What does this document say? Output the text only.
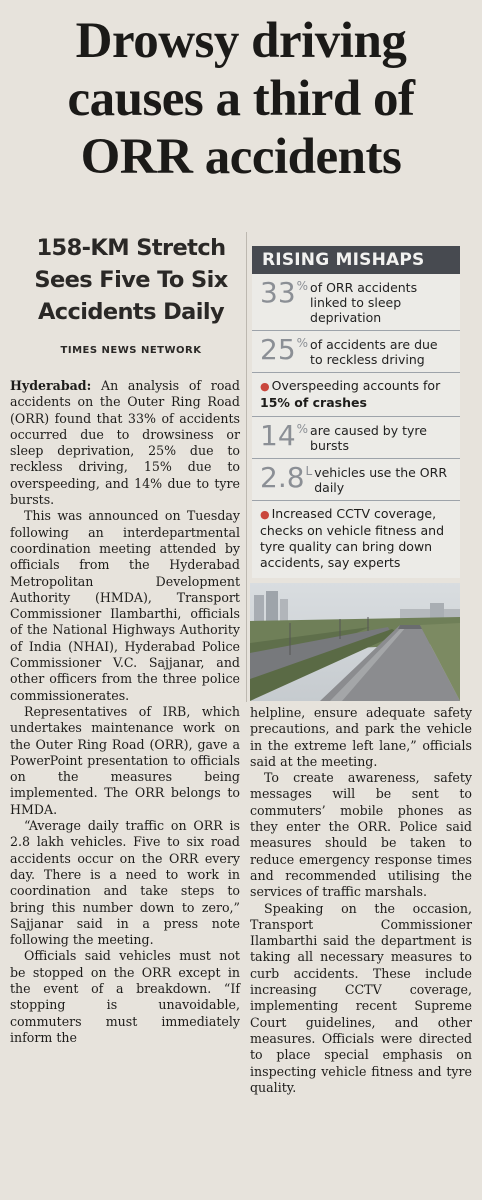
Drowsy driving
causes a third of
ORR accidents
158-KM Stretch
Sees Five To Six
Accidents Daily
TIMES NEWS NETWORK

Hyderabad: An analysis of road accidents on the Outer Ring Road (ORR) found that 33% of accidents occurred due to drowsiness or sleep deprivation, 25% due to reckless driving, 15% due to overspeeding, and 14% due to tyre bursts.

This was announced on Tuesday following an interdepartmental coordination meeting attended by officials from the Hyderabad Metropolitan Development Authority (HMDA), Transport Commissioner Ilambarthi, officials of the National Highways Authority of India (NHAI), Hyderabad Police Commissioner V.C. Sajjanar, and other officers from the three police commissionerates.

Representatives of IRB, which undertakes maintenance work on the Outer Ring Road (ORR), gave a PowerPoint presentation to officials on the measures being implemented. The ORR belongs to HMDA.

“Average daily traffic on ORR is 2.8 lakh vehicles. Five to six road accidents occur on the ORR every day. There is a need to work in coordination and take steps to bring this number down to zero,” Sajjanar said in a press note following the meeting.

Officials said vehicles must not be stopped on the ORR except in the event of a breakdown. “If stopping is unavoidable, commuters must immediately inform the

RISING MISHAPS
33 % of ORR accidents linked to sleep deprivation
25 % of accidents are due to reckless driving
● Overspeeding accounts for 15% of crashes
14 % are caused by tyre bursts
2.8 L vehicles use the ORR daily
● Increased CCTV coverage, checks on vehicle fitness and tyre quality can bring down accidents, say experts

helpline, ensure adequate safety precautions, and park the vehicle in the extreme left lane,” officials said at the meeting.

To create awareness, safety messages will be sent to commuters’ mobile phones as they enter the ORR. Police said measures should be taken to reduce emergency response times and recommended utilising the services of traffic marshals.

Speaking on the occasion, Transport Commissioner Ilambarthi said the department is taking all necessary measures to curb accidents. These include increasing CCTV coverage, implementing recent Supreme Court guidelines, and other measures. Officials were directed to place special emphasis on inspecting vehicle fitness and tyre quality.
